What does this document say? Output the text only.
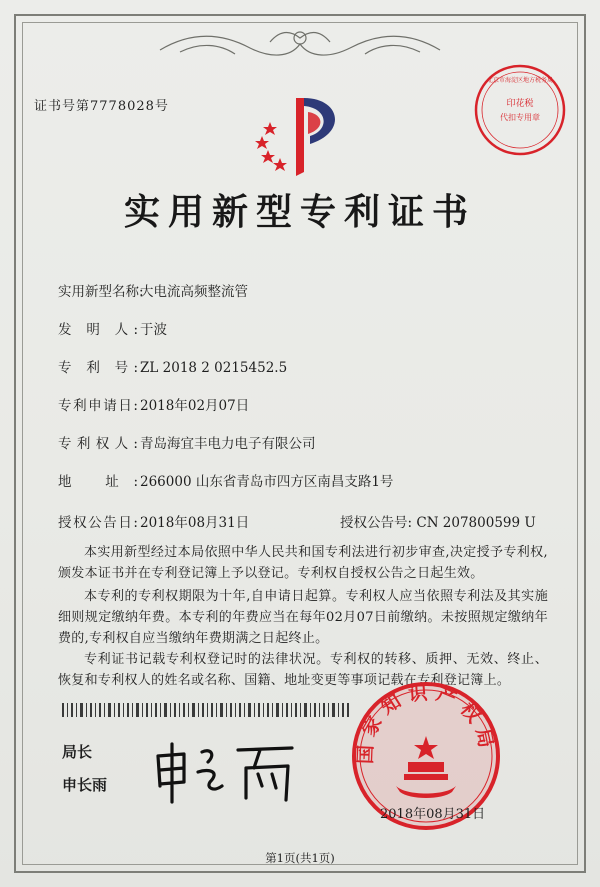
证书号第7778028号	印花税
代扣专用章
北京市海淀区地方税务局
实用新型专利证书
实用新型名称:大电流高频整流管
发 明 人: 于波
专 利 号: ZL 2018 2 0215452.5
专利申请日: 2018年02月07日
专利权人: 青岛海宜丰电力电子有限公司
地 址: 266000 山东省青岛市四方区南昌支路1号
授权公告日: 2018年08月31日	授权公告号: CN 207800599 U
本实用新型经过本局依照中华人民共和国专利法进行初步审查,决定授予专利权,颁发本证书并在专利登记簿上予以登记。专利权自授权公告之日起生效。
本专利的专利权期限为十年,自申请日起算。专利权人应当依照专利法及其实施细则规定缴纳年费。本专利的年费应当在每年02月07日前缴纳。未按照规定缴纳年费的,专利权自应当缴纳年费期满之日起终止。
专利证书记载专利权登记时的法律状况。专利权的转移、质押、无效、终止、恢复和专利权人的姓名或名称、国籍、地址变更等事项记载在专利登记簿上。
局长
申长雨
国家知识产权局
2018年08月31日
第1页(共1页)
